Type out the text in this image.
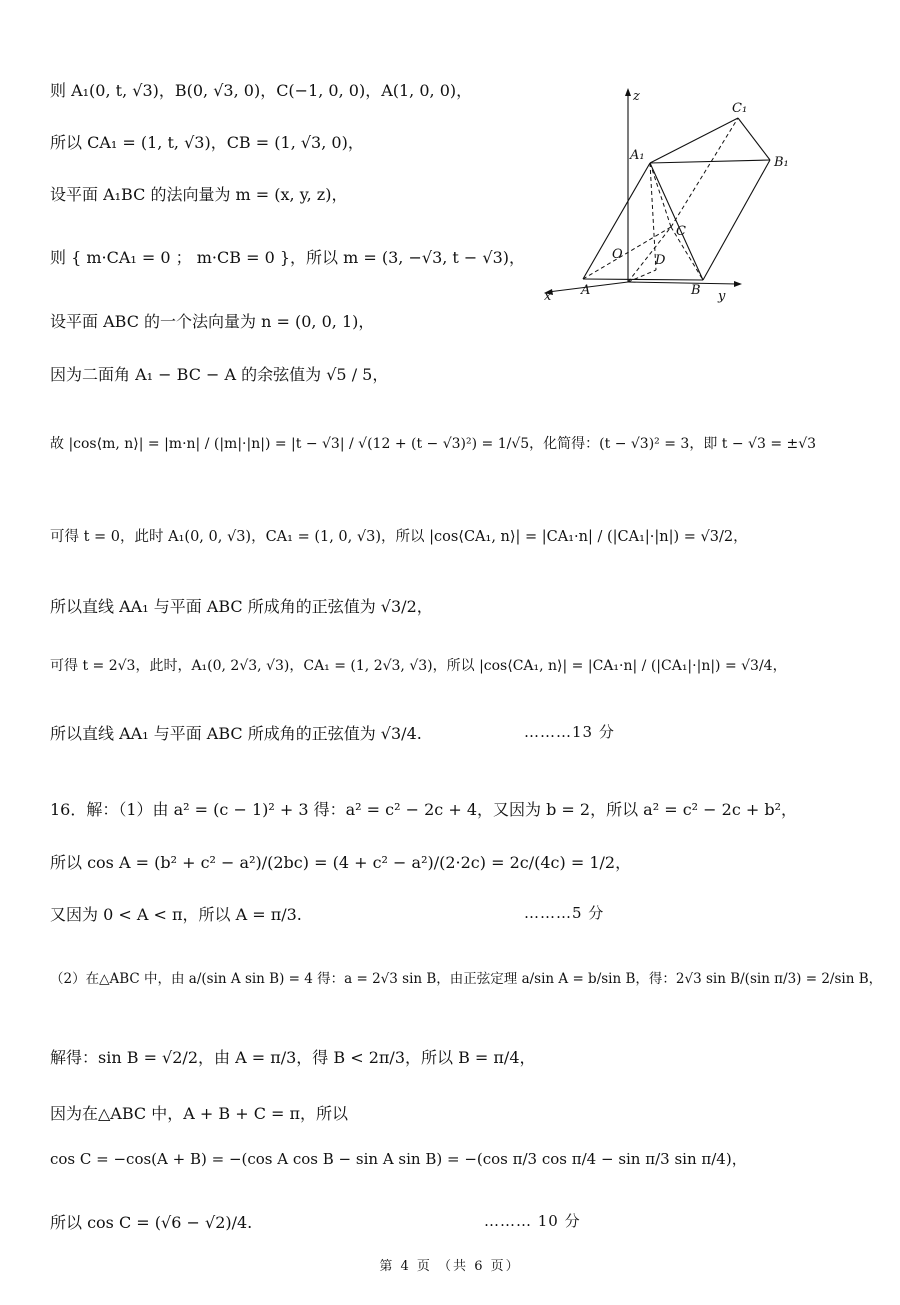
则 A₁(0, t, √3)，B(0, √3, 0)，C(−1, 0, 0)，A(1, 0, 0)，
所以 CA₁ = (1, t, √3)，CB = (1, √3, 0)，
设平面 A₁BC 的法向量为 m = (x, y, z)，
则 { m·CA₁ = 0 ； m·CB = 0 }，所以 m = (3, −√3, t − √3)，
设平面 ABC 的一个法向量为 n = (0, 0, 1)，
因为二面角 A₁ − BC − A 的余弦值为 √5 / 5，
故 |cos⟨m, n⟩| = |m·n| / (|m|·|n|) = |t − √3| / √(12 + (t − √3)²) = 1/√5，化简得：(t − √3)² = 3，即 t − √3 = ±√3
可得 t = 0，此时 A₁(0, 0, √3)，CA₁ = (1, 0, √3)，所以 |cos⟨CA₁, n⟩| = |CA₁·n| / (|CA₁|·|n|) = √3/2，
所以直线 AA₁ 与平面 ABC 所成角的正弦值为 √3/2，
可得 t = 2√3，此时，A₁(0, 2√3, √3)，CA₁ = (1, 2√3, √3)，所以 |cos⟨CA₁, n⟩| = |CA₁·n| / (|CA₁|·|n|) = √3/4，
所以直线 AA₁ 与平面 ABC 所成角的正弦值为 √3/4.	………13 分
16．解：（1）由 a² = (c − 1)² + 3 得：a² = c² − 2c + 4，又因为 b = 2，所以 a² = c² − 2c + b²，
所以 cos A = (b² + c² − a²)/(2bc) = (4 + c² − a²)/(2·2c) = 2c/(4c) = 1/2，
又因为 0 < A < π，所以 A = π/3.	………5 分
（2）在△ABC 中，由 a/(sin A sin B) = 4 得：a = 2√3 sin B，由正弦定理 a/sin A = b/sin B，得：2√3 sin B/(sin π/3) = 2/sin B，
解得：sin B = √2/2，由 A = π/3，得 B < 2π/3，所以 B = π/4，
因为在△ABC 中，A + B + C = π，所以
cos C = −cos(A + B) = −(cos A cos B − sin A sin B) = −(cos π/3 cos π/4 − sin π/3 sin π/4)，
所以 cos C = (√6 − √2)/4.	……… 10 分
z
C₁
A₁	B₁
C
O D
A	B
x	y
第 4 页 （共 6 页）
